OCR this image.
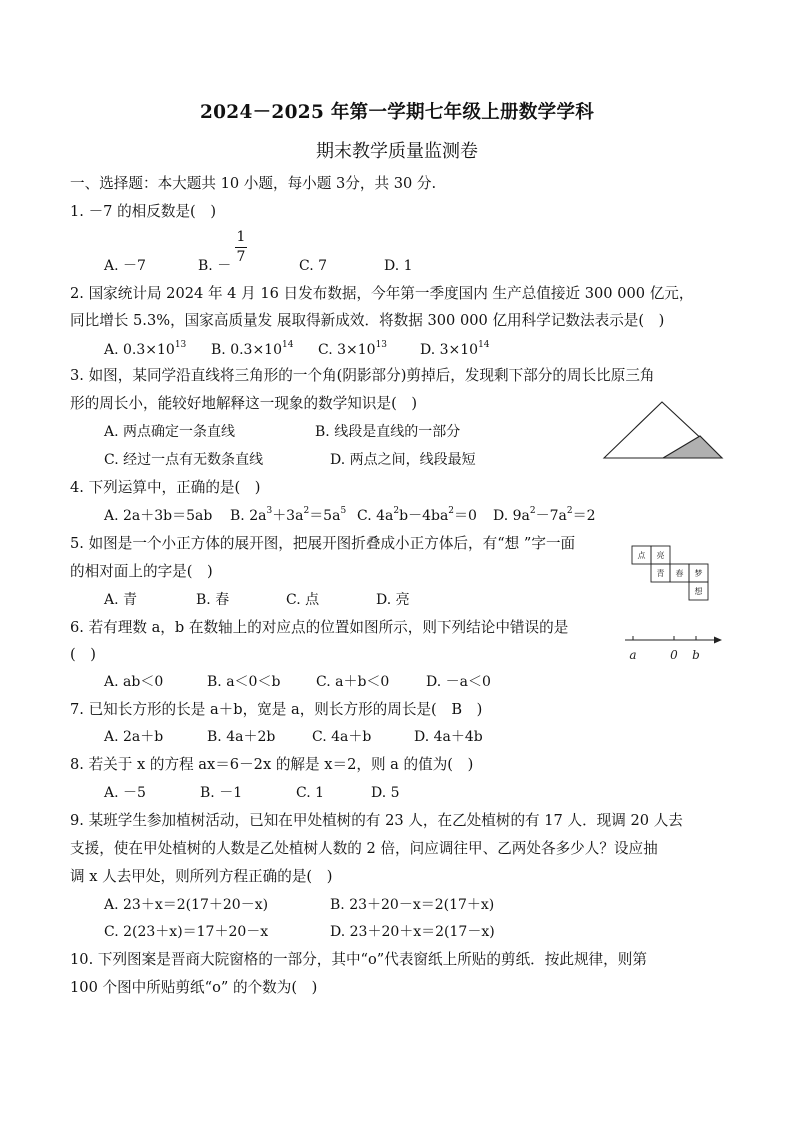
2024－2025 年第一学期七年级上册数学学科
期末教学质量监测卷
一、选择题：本大题共 10 小题，每小题 3分，共 30 分.
1. －7 的相反数是(　)
A. －7	B. －
1
7
C. 7	D. 1
2. 国家统计局 2024 年 4 月 16 日发布数据，今年第一季度国内 生产总值接近 300 000 亿元，
同比增长 5.3%，国家高质量发 展取得新成效．将数据 300 000 亿用科学记数法表示是(　)
A. $0.3\times 10^{13}$ B. $0.3\times 10^{14}$ C. $3\times 10^{13}$ D. $3\times 10^{14}$
3. 如图，某同学沿直线将三角形的一个角(阴影部分)剪掉后，发现剩下部分的周长比原三角
形的周长小，能较好地解释这一现象的数学知识是(　)
A. 两点确定一条直线	B. 线段是直线的一部分
C. 经过一点有无数条直线	D. 两点之间，线段最短
4. 下列运算中，正确的是(　)
A. 2a＋3b＝5ab B. $2a^3+3a^2=5a^5$ C. $4a^2b-4ba^2=0$ D. $9a^2-7a^2=2$
5. 如图是一个小正方体的展开图，把展开图折叠成小正方体后，有“想 ”字一面
的相对面上的字是(　)
A. 青	B. 春	C. 点	D. 亮
点 亮
青 春 梦
想
6. 若有理数 a，b 在数轴上的对应点的位置如图所示，则下列结论中错误的是
(　)
A. ab＜0	B. a＜0＜b	C. a＋b＜0	D. －a＜0
a	0 b
7. 已知长方形的长是 a＋b，宽是 a，则长方形的周长是(　B　)
A. 2a＋b	B. 4a＋2b	C. 4a＋b	D. 4a＋4b
8. 若关于 x 的方程 ax＝6－2x 的解是 x＝2，则 a 的值为(　)
A. －5	B. －1	C. 1	D. 5
9. 某班学生参加植树活动，已知在甲处植树的有 23 人，在乙处植树的有 17 人．现调 20 人去
支援，使在甲处植树的人数是乙处植树人数的 2 倍，问应调往甲、乙两处各多少人？设应抽
调 x 人去甲处，则所列方程正确的是(　)
A. 23＋x＝2(17＋20－x)	B. 23＋20－x＝2(17＋x)
C. 2(23＋x)＝17＋20－x	D. 23＋20＋x＝2(17－x)
10. 下列图案是晋商大院窗格的一部分，其中“o”代表窗纸上所贴的剪纸．按此规律，则第
100 个图中所贴剪纸“o” 的个数为(　)
